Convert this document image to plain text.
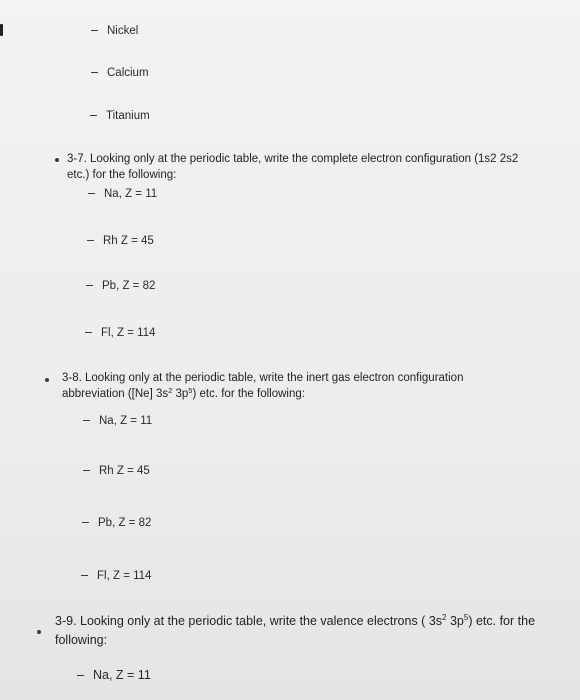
Nickel
Calcium
Titanium
3-7. Looking only at the periodic table, write the complete electron configuration (1s2 2s2
etc.) for the following:
Na, Z = 11
Rh Z = 45
Pb, Z = 82
Fl, Z = 114
3-8. Looking only at the periodic table, write the inert gas electron configuration
abbreviation ([Ne] $3s^2$ $3p^5$) etc. for the following:
Na, Z = 11
Rh Z = 45
Pb, Z = 82
Fl, Z = 114
3-9. Looking only at the periodic table, write the valence electrons ( $3s^2$ $3p^5$) etc. for the
following:
Na, Z = 11
